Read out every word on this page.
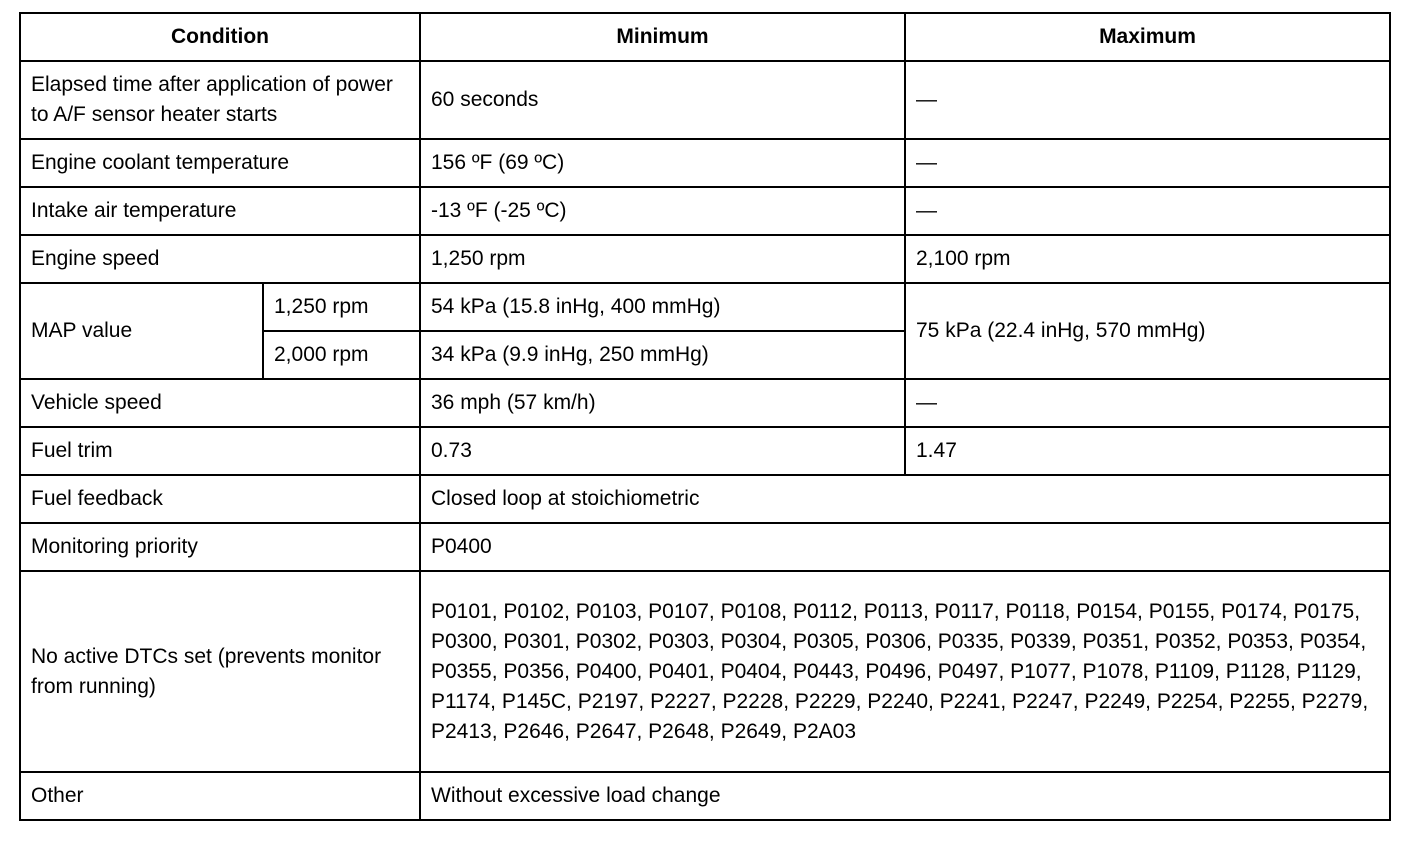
Condition		Minimum	Maximum
Elapsed time after application of power to A/F sensor heater starts		60 seconds	—
Engine coolant temperature		156 ºF (69 ºC)	—
Intake air temperature		-13 ºF (-25 ºC)	—
Engine speed		1,250 rpm	2,100 rpm
MAP value	1,250 rpm	54 kPa (15.8 inHg, 400 mmHg)	75 kPa (22.4 inHg, 570 mmHg)
	2,000 rpm	34 kPa (9.9 inHg, 250 mmHg)	
Vehicle speed		36 mph (57 km/h)	—
Fuel trim		0.73	1.47
Fuel feedback		Closed loop at stoichiometric	
Monitoring priority		P0400	
No active DTCs set (prevents monitor from running)		P0101, P0102, P0103, P0107, P0108, P0112, P0113, P0117, P0118, P0154, P0155, P0174, P0175, P0300, P0301, P0302, P0303, P0304, P0305, P0306, P0335, P0339, P0351, P0352, P0353, P0354, P0355, P0356, P0400, P0401, P0404, P0443, P0496, P0497, P1077, P1078, P1109, P1128, P1129, P1174, P145C, P2197, P2227, P2228, P2229, P2240, P2241, P2247, P2249, P2254, P2255, P2279, P2413, P2646, P2647, P2648, P2649, P2A03	
Other		Without excessive load change	
